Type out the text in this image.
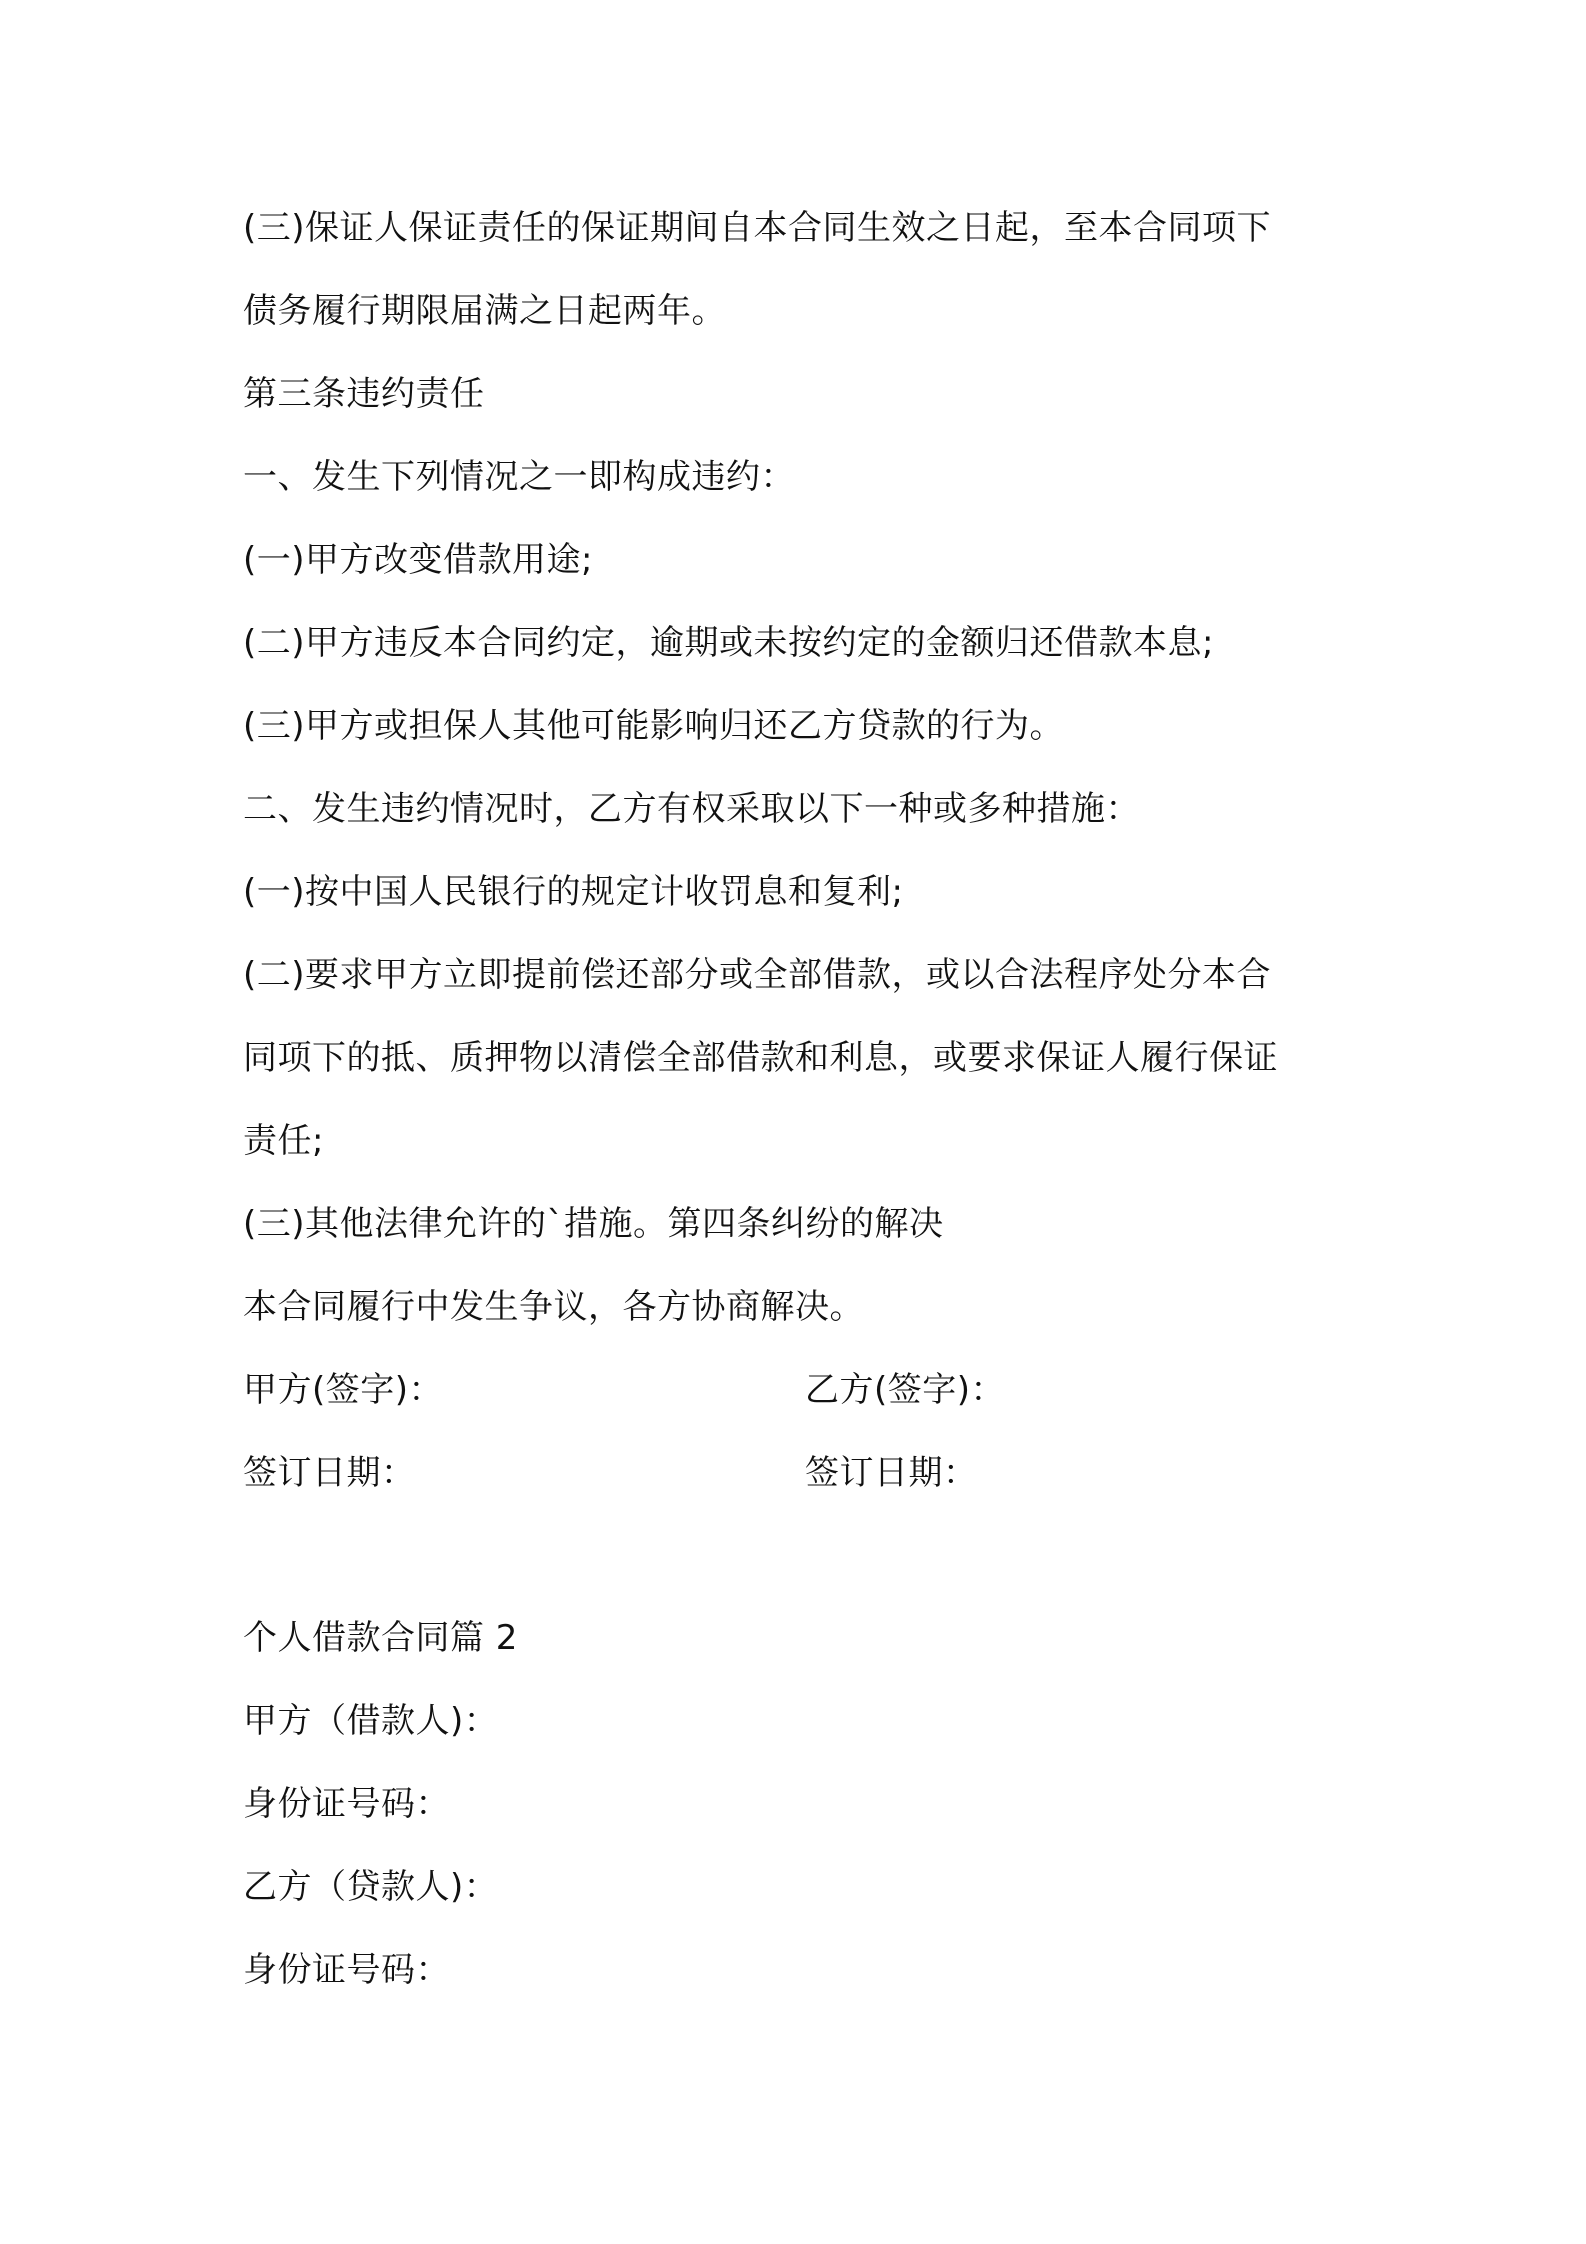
(三)保证人保证责任的保证期间自本合同生效之日起，至本合同项下
债务履行期限届满之日起两年。
第三条违约责任
一、发生下列情况之一即构成违约：
(一)甲方改变借款用途;
(二)甲方违反本合同约定，逾期或未按约定的金额归还借款本息;
(三)甲方或担保人其他可能影响归还乙方贷款的行为。
二、发生违约情况时，乙方有权采取以下一种或多种措施：
(一)按中国人民银行的规定计收罚息和复利;
(二)要求甲方立即提前偿还部分或全部借款，或以合法程序处分本合
同项下的抵、质押物以清偿全部借款和利息，或要求保证人履行保证
责任;
(三)其他法律允许的`措施。第四条纠纷的解决
本合同履行中发生争议，各方协商解决。
甲方(签字)：	乙方(签字)：
签订日期：	签订日期：
个人借款合同篇 2
甲方（借款人)：
身份证号码：
乙方（贷款人)：
身份证号码：
